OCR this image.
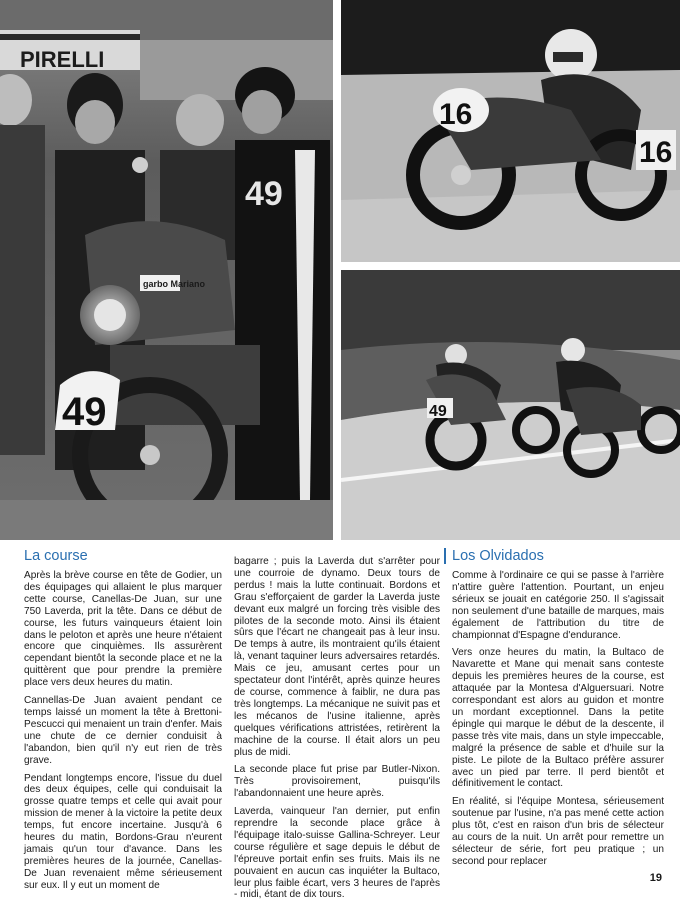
PIRELLI
49
garbo Mariano
49
16
16
49
La course

Après la brève course en tête de Godier, un des équipages qui allaient le plus marquer cette course, Canellas-De Juan, sur une 750 Laverda, prit la tête. Dans ce début de course, les futurs vainqueurs étaient loin dans le peloton et après une heure n'étaient encore que cinquièmes. Ils assurèrent cependant bientôt la seconde place et ne la quittèrent que pour prendre la première place vers deux heures du matin.

Cannellas-De Juan avaient pendant ce temps laissé un moment la tête à Brettoni-Pescucci qui menaient un train d'enfer. Mais une chute de ce dernier conduisit à l'abandon, bien qu'il n'y eut rien de très grave.

Pendant longtemps encore, l'issue du duel des deux équipes, celle qui conduisait la grosse quatre temps et celle qui avait pour mission de mener à la victoire la petite deux temps, fut encore incertaine. Jusqu'à 6 heures du matin, Bordons-Grau n'eurent jamais qu'un tour d'avance. Dans les premières heures de la journée, Canellas-De Juan revenaient même sérieusement sur eux. Il y eut un moment de

bagarre ; puis la Laverda dut s'arrêter pour une courroie de dynamo. Deux tours de perdus ! mais la lutte continuait. Bordons et Grau s'efforçaient de garder la Laverda juste devant eux malgré un forcing très visible des pilotes de la seconde moto. Ainsi ils étaient sûrs que l'écart ne changeait pas à leur insu. De temps à autre, ils montraient qu'ils étaient là, venant taquiner leurs adversaires retardés. Mais ce jeu, amusant certes pour un spectateur dont l'intérêt, après quinze heures de course, commence à faiblir, ne dura pas très longtemps. La mécanique ne suivit pas et les mécanos de l'usine italienne, après quelques vérifications attristées, retirèrent la machine de la course. Il était alors un peu plus de midi.

La seconde place fut prise par Butler-Nixon. Très provisoirement, puisqu'ils l'abandonnaient une heure après.

Laverda, vainqueur l'an dernier, put enfin reprendre la seconde place grâce à l'équipage italo-suisse Gallina-Schreyer. Leur course régulière et sage depuis le début de l'épreuve portait enfin ses fruits. Mais ils ne pouvaient en aucun cas inquiéter la Bultaco, leur plus faible écart, vers 3 heures de l'après - midi, étant de dix tours.

Los Olvidados

Comme à l'ordinaire ce qui se passe à l'arrière n'attire guère l'attention. Pourtant, un enjeu sérieux se jouait en catégorie 250. Il s'agissait non seulement d'une bataille de marques, mais également de l'attribution du titre de championnat d'Espagne d'endurance.

Vers onze heures du matin, la Bultaco de Navarette et Mane qui menait sans conteste depuis les premières heures de la course, est attaquée par la Montesa d'Alguersuari. Notre correspondant est alors au guidon et montre un mordant exceptionnel. Dans la petite épingle qui marque le début de la descente, il passe très vite mais, dans un style impeccable, malgré la présence de sable et d'huile sur la piste. Le pilote de la Bultaco préfère assurer avec un pied par terre. Il perd bientôt et définitivement le contact.

En réalité, si l'équipe Montesa, sérieusement soutenue par l'usine, n'a pas mené cette action plus tôt, c'est en raison d'un bris de sélecteur au cours de la nuit. Un arrêt pour remettre un sélecteur de série, fort peu pratique ; un second pour replacer

19
